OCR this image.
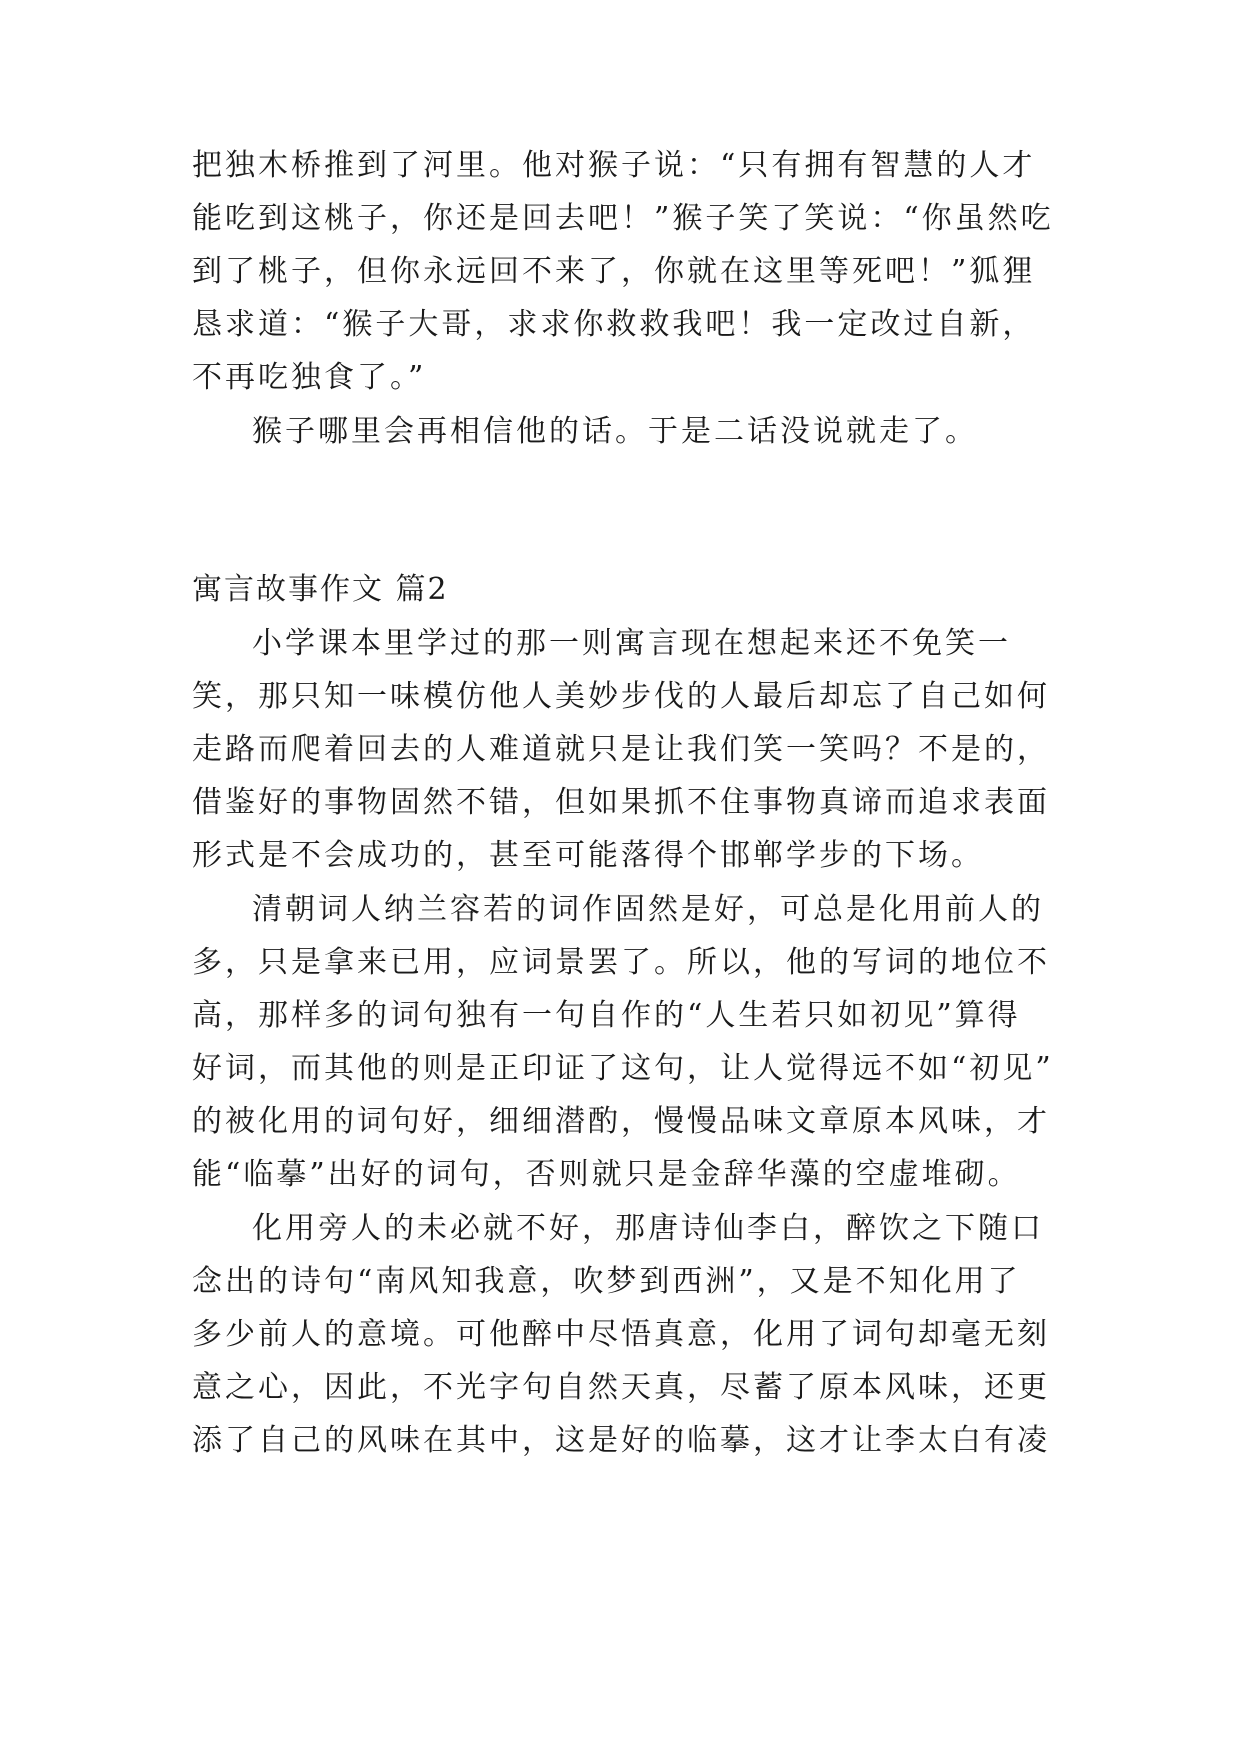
把独木桥推到了河里。他对猴子说：“只有拥有智慧的人才
能吃到这桃子，你还是回去吧！”猴子笑了笑说：“你虽然吃
到了桃子，但你永远回不来了，你就在这里等死吧！”狐狸
恳求道：“猴子大哥，求求你救救我吧！我一定改过自新，
不再吃独食了。”
猴子哪里会再相信他的话。于是二话没说就走了。
寓言故事作文 篇2
小学课本里学过的那一则寓言现在想起来还不免笑一
笑，那只知一味模仿他人美妙步伐的人最后却忘了自己如何
走路而爬着回去的人难道就只是让我们笑一笑吗？不是的，
借鉴好的事物固然不错，但如果抓不住事物真谛而追求表面
形式是不会成功的，甚至可能落得个邯郸学步的下场。
清朝词人纳兰容若的词作固然是好，可总是化用前人的
多，只是拿来已用，应词景罢了。所以，他的写词的地位不
高，那样多的词句独有一句自作的“人生若只如初见”算得
好词，而其他的则是正印证了这句，让人觉得远不如“初见”
的被化用的词句好，细细潜酌，慢慢品味文章原本风味，才
能“临摹”出好的词句，否则就只是金辞华藻的空虚堆砌。
化用旁人的未必就不好，那唐诗仙李白，醉饮之下随口
念出的诗句“南风知我意，吹梦到西洲”，又是不知化用了
多少前人的意境。可他醉中尽悟真意，化用了词句却毫无刻
意之心，因此，不光字句自然天真，尽蓄了原本风味，还更
添了自己的风味在其中，这是好的临摹，这才让李太白有凌
